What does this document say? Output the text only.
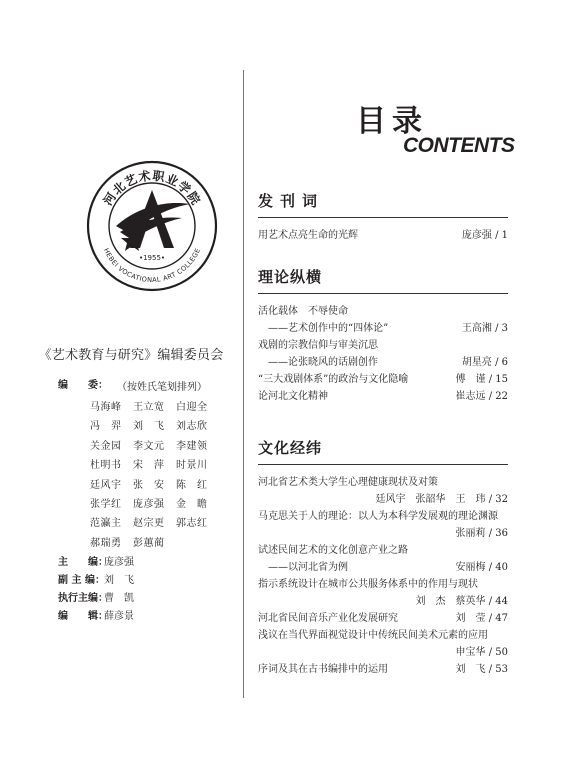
河北艺术职业学院
HEBEI VOCATIONAL ART COLLEGE
•1955•
《艺术教育与研究》编辑委员会
编　　委： （按姓氏笔划排列）
马海峰	王立宽	白迎全
冯　羿	刘　飞	刘志欣
关金园	李文元	李建领
杜明书	宋　萍	时景川
廷风宇	张　安	陈　红
张学红	庞彦强	金　瞻
范瀛主	赵宗更	郭志红
郝瑞勇	彭蕙蔺
主　　编：庞彦强
副 主 编：刘　飞
执行主编：曹　凯
编　　辑：薛彦景
目录
CONTENTS
发刊词
用艺术点亮生命的光辉	庞彦强 / 1
理论纵横
活化载体　不辱使命
——艺术创作中的“四体论”	王高湘 / 3
戏剧的宗教信仰与审美沉思
——论张晓风的话剧创作	胡星亮 / 6
“三大戏剧体系”的政治与文化隐喻	傅　谨 / 15
论河北文化精神	崔志远 / 22
文化经纬
河北省艺术类大学生心理健康现状及对策
廷风宇　张韶华　王　玮 / 32
马克思关于人的理论：以人为本科学发展观的理论渊源
张丽莉 / 36
试述民间艺术的文化创意产业之路
——以河北省为例	安丽梅 / 40
指示系统设计在城市公共服务体系中的作用与现状
刘　杰　蔡英华 / 44
河北省民间音乐产业化发展研究	刘　莹 / 47
浅议在当代界面视觉设计中传统民间美术元素的应用
申宝华 / 50
序词及其在古书编排中的运用	刘　飞 / 53
